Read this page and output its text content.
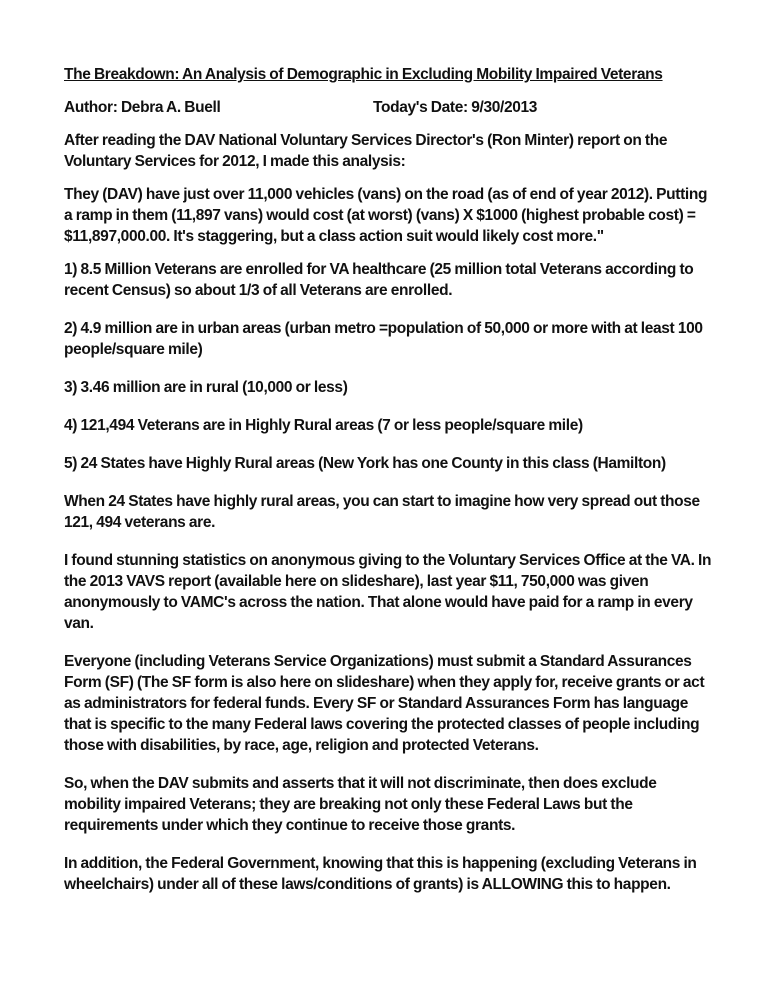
The Breakdown: An Analysis of Demographic in Excluding Mobility Impaired Veterans
Author: Debra A. Buell	Today's Date: 9/30/2013

After reading the DAV National Voluntary Services Director's (Ron Minter) report on the Voluntary Services for 2012, I made this analysis:

They (DAV) have just over 11,000 vehicles (vans) on the road (as of end of year 2012). Putting a ramp in them (11,897 vans) would cost (at worst) (vans) X $1000 (highest probable cost) = $11,897,000.00. It's staggering, but a class action suit would likely cost more."

1) 8.5 Million Veterans are enrolled for VA healthcare (25 million total Veterans according to recent Census) so about 1/3 of all Veterans are enrolled.

2) 4.9 million are in urban areas (urban metro =population of 50,000 or more with at least 100 people/square mile)

3) 3.46 million are in rural (10,000 or less)

4) 121,494 Veterans are in Highly Rural areas (7 or less people/square mile)

5) 24 States have Highly Rural areas (New York has one County in this class (Hamilton)

When 24 States have highly rural areas, you can start to imagine how very spread out those 121, 494 veterans are.

I found stunning statistics on anonymous giving to the Voluntary Services Office at the VA. In the 2013 VAVS report (available here on slideshare), last year $11, 750,000 was given anonymously to VAMC's across the nation. That alone would have paid for a ramp in every van.

Everyone (including Veterans Service Organizations) must submit a Standard Assurances Form (SF) (The SF form is also here on slideshare) when they apply for, receive grants or act as administrators for federal funds. Every SF or Standard Assurances Form has language that is specific to the many Federal laws covering the protected classes of people including those with disabilities, by race, age, religion and protected Veterans.

So, when the DAV submits and asserts that it will not discriminate, then does exclude mobility impaired Veterans; they are breaking not only these Federal Laws but the requirements under which they continue to receive those grants.

In addition, the Federal Government, knowing that this is happening (excluding Veterans in wheelchairs) under all of these laws/conditions of grants) is ALLOWING this to happen.
